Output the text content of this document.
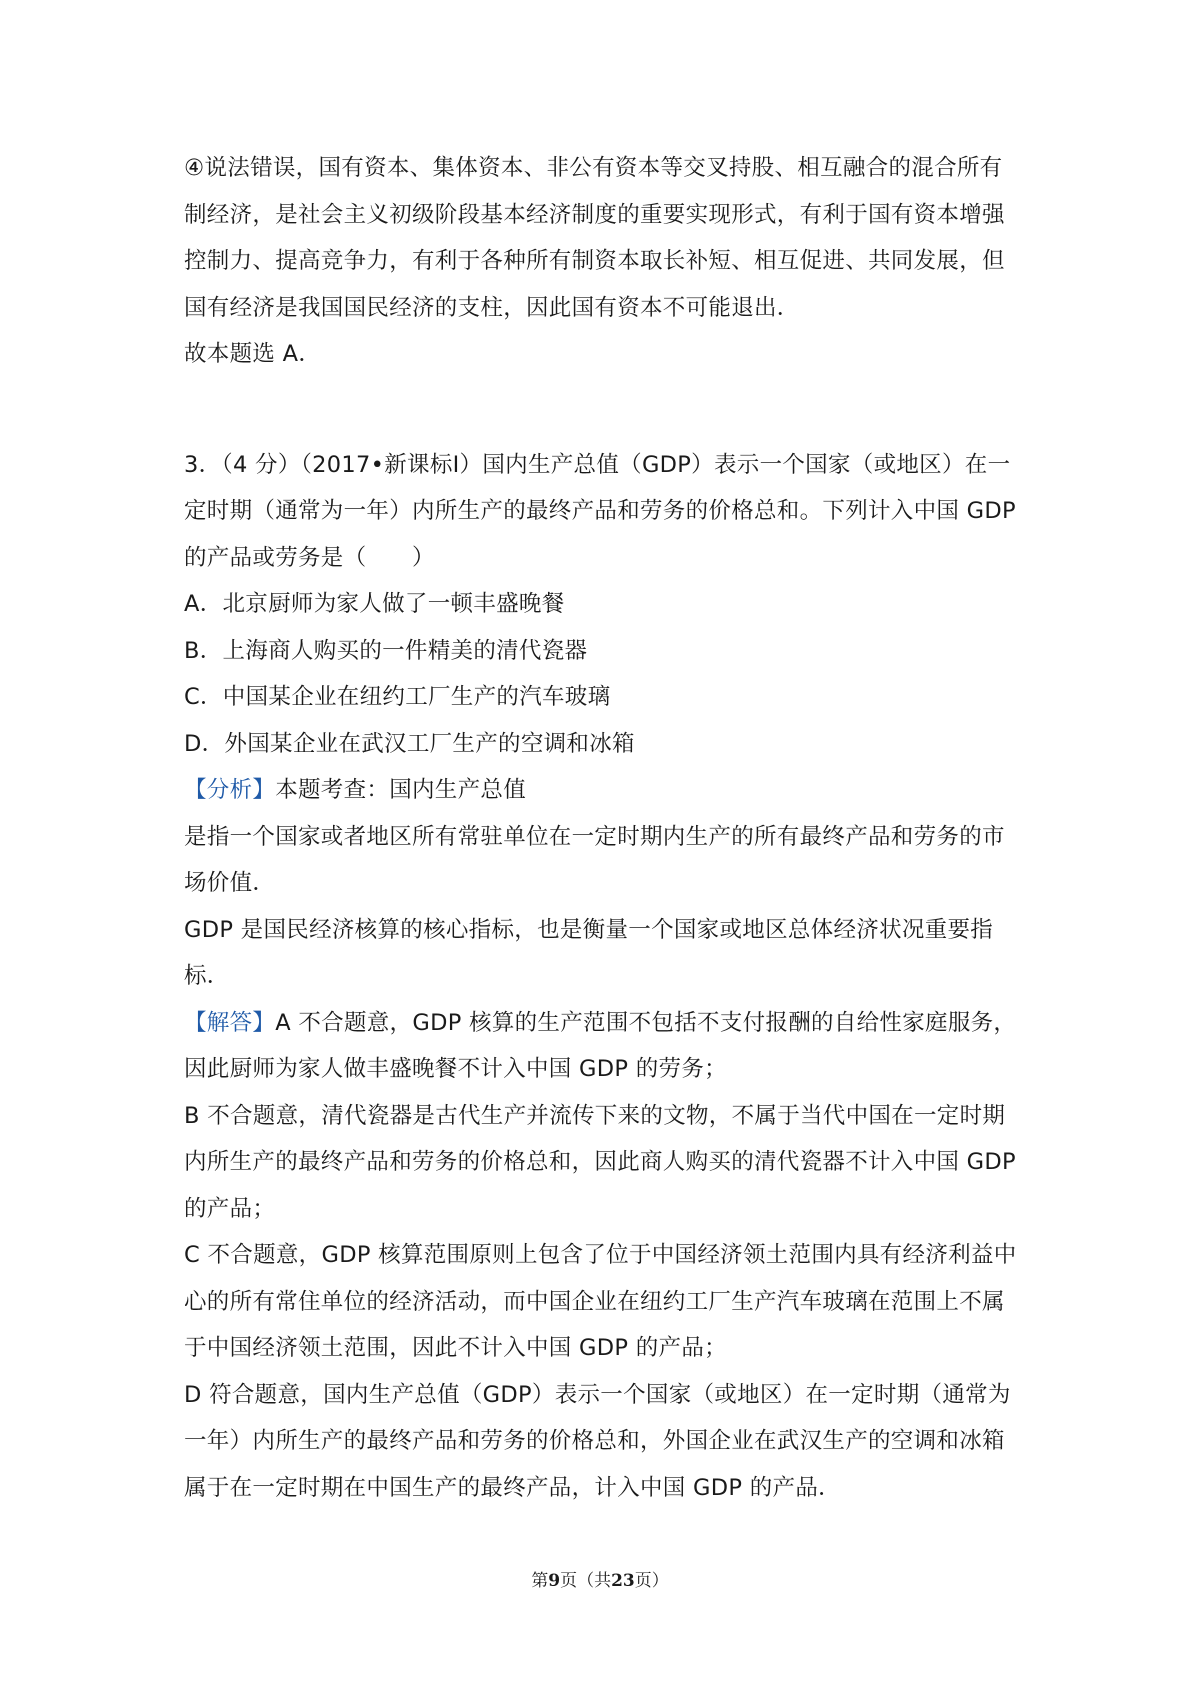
④说法错误，国有资本、集体资本、非公有资本等交叉持股、相互融合的混合所有制经济，是社会主义初级阶段基本经济制度的重要实现形式，有利于国有资本增强控制力、提高竞争力，有利于各种所有制资本取长补短、相互促进、共同发展，但国有经济是我国国民经济的支柱，因此国有资本不可能退出．

故本题选 A．

3．（4 分）（2017•新课标Ⅰ）国内生产总值（GDP）表示一个国家（或地区）在一定时期（通常为一年）内所生产的最终产品和劳务的价格总和。下列计入中国 GDP 的产品或劳务是（　　）

A．北京厨师为家人做了一顿丰盛晚餐

B．上海商人购买的一件精美的清代瓷器

C．中国某企业在纽约工厂生产的汽车玻璃

D．外国某企业在武汉工厂生产的空调和冰箱

【分析】本题考查：国内生产总值

是指一个国家或者地区所有常驻单位在一定时期内生产的所有最终产品和劳务的市场价值．

GDP 是国民经济核算的核心指标，也是衡量一个国家或地区总体经济状况重要指标．

【解答】A 不合题意，GDP 核算的生产范围不包括不支付报酬的自给性家庭服务，因此厨师为家人做丰盛晚餐不计入中国 GDP 的劳务；

B 不合题意，清代瓷器是古代生产并流传下来的文物，不属于当代中国在一定时期内所生产的最终产品和劳务的价格总和，因此商人购买的清代瓷器不计入中国 GDP 的产品；

C 不合题意，GDP 核算范围原则上包含了位于中国经济领土范围内具有经济利益中心的所有常住单位的经济活动，而中国企业在纽约工厂生产汽车玻璃在范围上不属于中国经济领土范围，因此不计入中国 GDP 的产品；

D 符合题意，国内生产总值（GDP）表示一个国家（或地区）在一定时期（通常为一年）内所生产的最终产品和劳务的价格总和，外国企业在武汉生产的空调和冰箱属于在一定时期在中国生产的最终产品，计入中国 GDP 的产品．

第9页（共23页）
